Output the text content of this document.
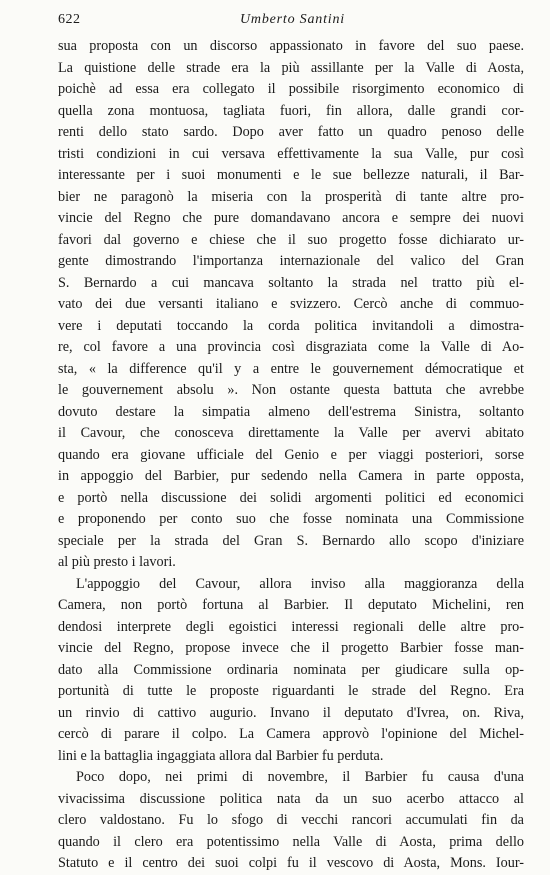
622	Umberto Santini
sua proposta con un discorso appassionato in favore del suo paese.
La quistione delle strade era la più assillante per la Valle di Aosta,
poichè ad essa era collegato il possibile risorgimento economico di
quella zona montuosa, tagliata fuori, fin allora, dalle grandi cor-
renti dello stato sardo. Dopo aver fatto un quadro penoso delle
tristi condizioni in cui versava effettivamente la sua Valle, pur così
interessante per i suoi monumenti e le sue bellezze naturali, il Bar-
bier ne paragonò la miseria con la prosperità di tante altre pro-
vincie del Regno che pure domandavano ancora e sempre dei nuovi
favori dal governo e chiese che il suo progetto fosse dichiarato ur-
gente dimostrando l'importanza internazionale del valico del Gran
S. Bernardo a cui mancava soltanto la strada nel tratto più el-
vato dei due versanti italiano e svizzero. Cercò anche di commuo-
vere i deputati toccando la corda politica invitandoli a dimostra-
re, col favore a una provincia così disgraziata come la Valle di Ao-
sta, « la difference qu'il y a entre le gouvernement démocratique et
le gouvernement absolu ». Non ostante questa battuta che avrebbe
dovuto destare la simpatia almeno dell'estrema Sinistra, soltanto
il Cavour, che conosceva direttamente la Valle per avervi abitato
quando era giovane ufficiale del Genio e per viaggi posteriori, sorse
in appoggio del Barbier, pur sedendo nella Camera in parte opposta,
e portò nella discussione dei solidi argomenti politici ed economici
e proponendo per conto suo che fosse nominata una Commissione
speciale per la strada del Gran S. Bernardo allo scopo d'iniziare
al più presto i lavori.
L'appoggio del Cavour, allora inviso alla maggioranza della
Camera, non portò fortuna al Barbier. Il deputato Michelini, ren
dendosi interprete degli egoistici interessi regionali delle altre pro-
vincie del Regno, propose invece che il progetto Barbier fosse man-
dato alla Commissione ordinaria nominata per giudicare sulla op-
portunità di tutte le proposte riguardanti le strade del Regno. Era
un rinvio di cattivo augurio. Invano il deputato d'Ivrea, on. Riva,
cercò di parare il colpo. La Camera approvò l'opinione del Michel-
lini e la battaglia ingaggiata allora dal Barbier fu perduta.
Poco dopo, nei primi di novembre, il Barbier fu causa d'una
vivacissima discussione politica nata da un suo acerbo attacco al
clero valdostano. Fu lo sfogo di vecchi rancori accumulati fin da
quando il clero era potentissimo nella Valle di Aosta, prima dello
Statuto e il centro dei suoi colpi fu il vescovo di Aosta, Mons. Iour-
